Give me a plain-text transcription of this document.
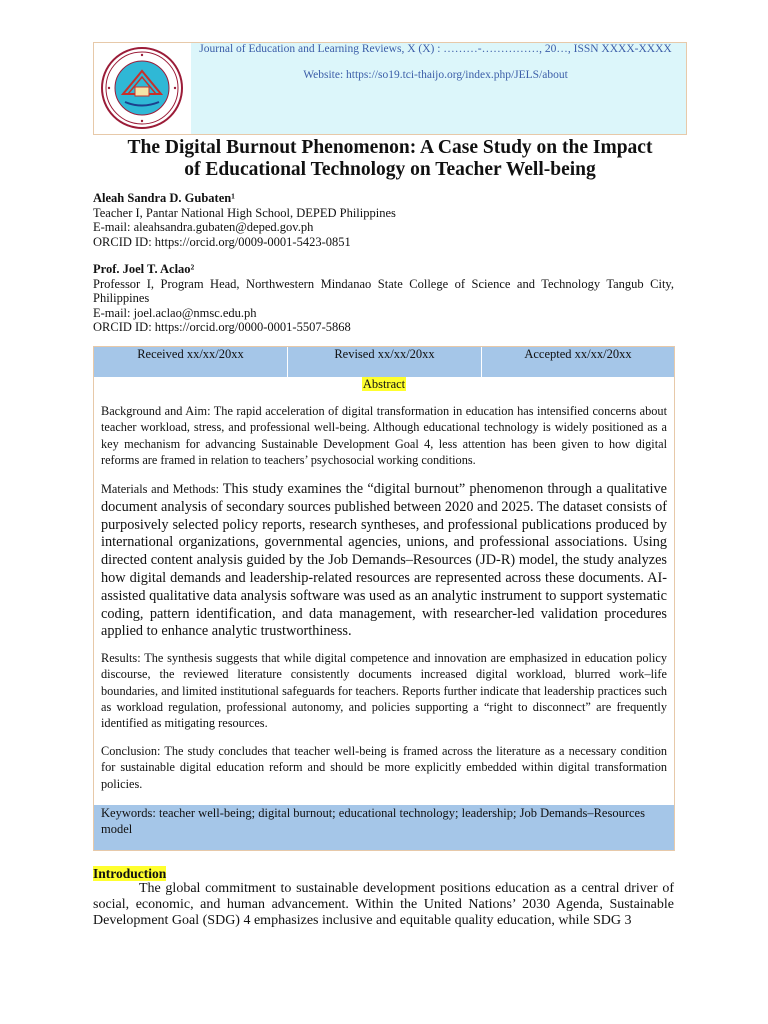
Journal of Education and Learning Reviews, X (X) : ………-……………, 20…, ISSN XXXX-XXXX
Website: https://so19.tci-thaijo.org/index.php/JELS/about
The Digital Burnout Phenomenon: A Case Study on the Impact
of Educational Technology on Teacher Well-being
Aleah Sandra D. Gubaten¹
Teacher I, Pantar National High School, DEPED Philippines
E-mail: aleahsandra.gubaten@deped.gov.ph
ORCID ID: https://orcid.org/0009-0001-5423-0851
Prof. Joel T. Aclao²
Professor I, Program Head, Northwestern Mindanao State College of Science and Technology Tangub City, Philippines
E-mail: joel.aclao@nmsc.edu.ph
ORCID ID: https://orcid.org/0000-0001-5507-5868
Received xx/xx/20xx	Revised xx/xx/20xx	Accepted xx/xx/20xx
Abstract
Background and Aim: The rapid acceleration of digital transformation in education has intensified concerns about teacher workload, stress, and professional well-being. Although educational technology is widely positioned as a key mechanism for advancing Sustainable Development Goal 4, less attention has been given to how digital reforms are framed in relation to teachers’ psychosocial working conditions.
Materials and Methods: This study examines the “digital burnout” phenomenon through a qualitative document analysis of secondary sources published between 2020 and 2025. The dataset consists of purposively selected policy reports, research syntheses, and professional publications produced by international organizations, governmental agencies, unions, and professional associations. Using directed content analysis guided by the Job Demands–Resources (JD-R) model, the study analyzes how digital demands and leadership-related resources are represented across these documents. AI-assisted qualitative data analysis software was used as an analytic instrument to support systematic coding, pattern identification, and data management, with researcher-led validation procedures applied to enhance analytic trustworthiness.
Results: The synthesis suggests that while digital competence and innovation are emphasized in education policy discourse, the reviewed literature consistently documents increased digital workload, blurred work–life boundaries, and limited institutional safeguards for teachers. Reports further indicate that leadership practices such as workload regulation, professional autonomy, and policies supporting a “right to disconnect” are frequently identified as mitigating resources.
Conclusion: The study concludes that teacher well-being is framed across the literature as a necessary condition for sustainable digital education reform and should be more explicitly embedded within digital transformation policies.
Keywords: teacher well-being; digital burnout; educational technology; leadership; Job Demands–Resources model
Introduction
The global commitment to sustainable development positions education as a central driver of social, economic, and human advancement. Within the United Nations’ 2030 Agenda, Sustainable Development Goal (SDG) 4 emphasizes inclusive and equitable quality education, while SDG 3
